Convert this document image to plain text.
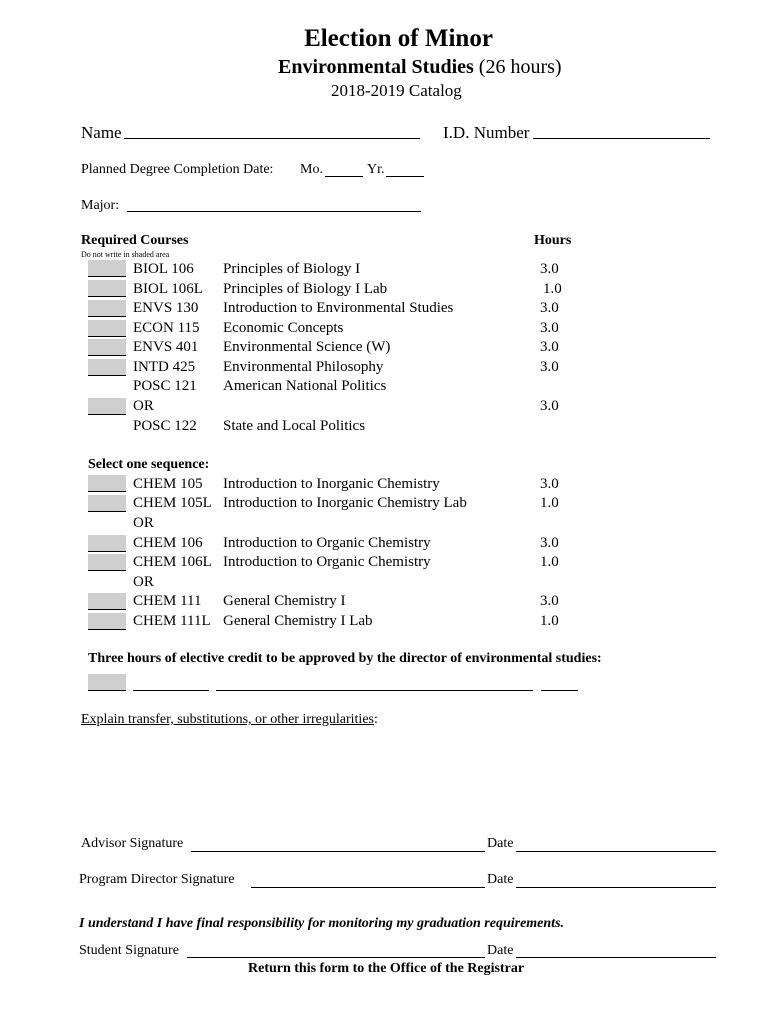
Election of Minor
Environmental Studies (26 hours)
2018-2019 Catalog
Name	I.D. Number
Planned Degree Completion Date: Mo.	Yr.
Major:
Required Courses	Hours
Do not write in shaded area
BIOL 106 Principles of Biology I	3.0
BIOL 106L Principles of Biology I Lab	1.0
ENVS 130 Introduction to Environmental Studies	3.0
ECON 115 Economic Concepts	3.0
ENVS 401 Environmental Science (W)	3.0
INTD 425 Environmental Philosophy	3.0
POSC 121 American National Politics
OR	3.0
POSC 122 State and Local Politics
Select one sequence:
CHEM 105 Introduction to Inorganic Chemistry	3.0
CHEM 105L Introduction to Inorganic Chemistry Lab	1.0
OR
CHEM 106 Introduction to Organic Chemistry	3.0
CHEM 106L Introduction to Organic Chemistry	1.0
OR
CHEM 111 General Chemistry I	3.0
CHEM 111L General Chemistry I Lab	1.0
Three hours of elective credit to be approved by the director of environmental studies:
Explain transfer, substitutions, or other irregularities:
Advisor Signature	Date
Program Director Signature	Date
I understand I have final responsibility for monitoring my graduation requirements.
Student Signature	Date
Return this form to the Office of the Registrar
